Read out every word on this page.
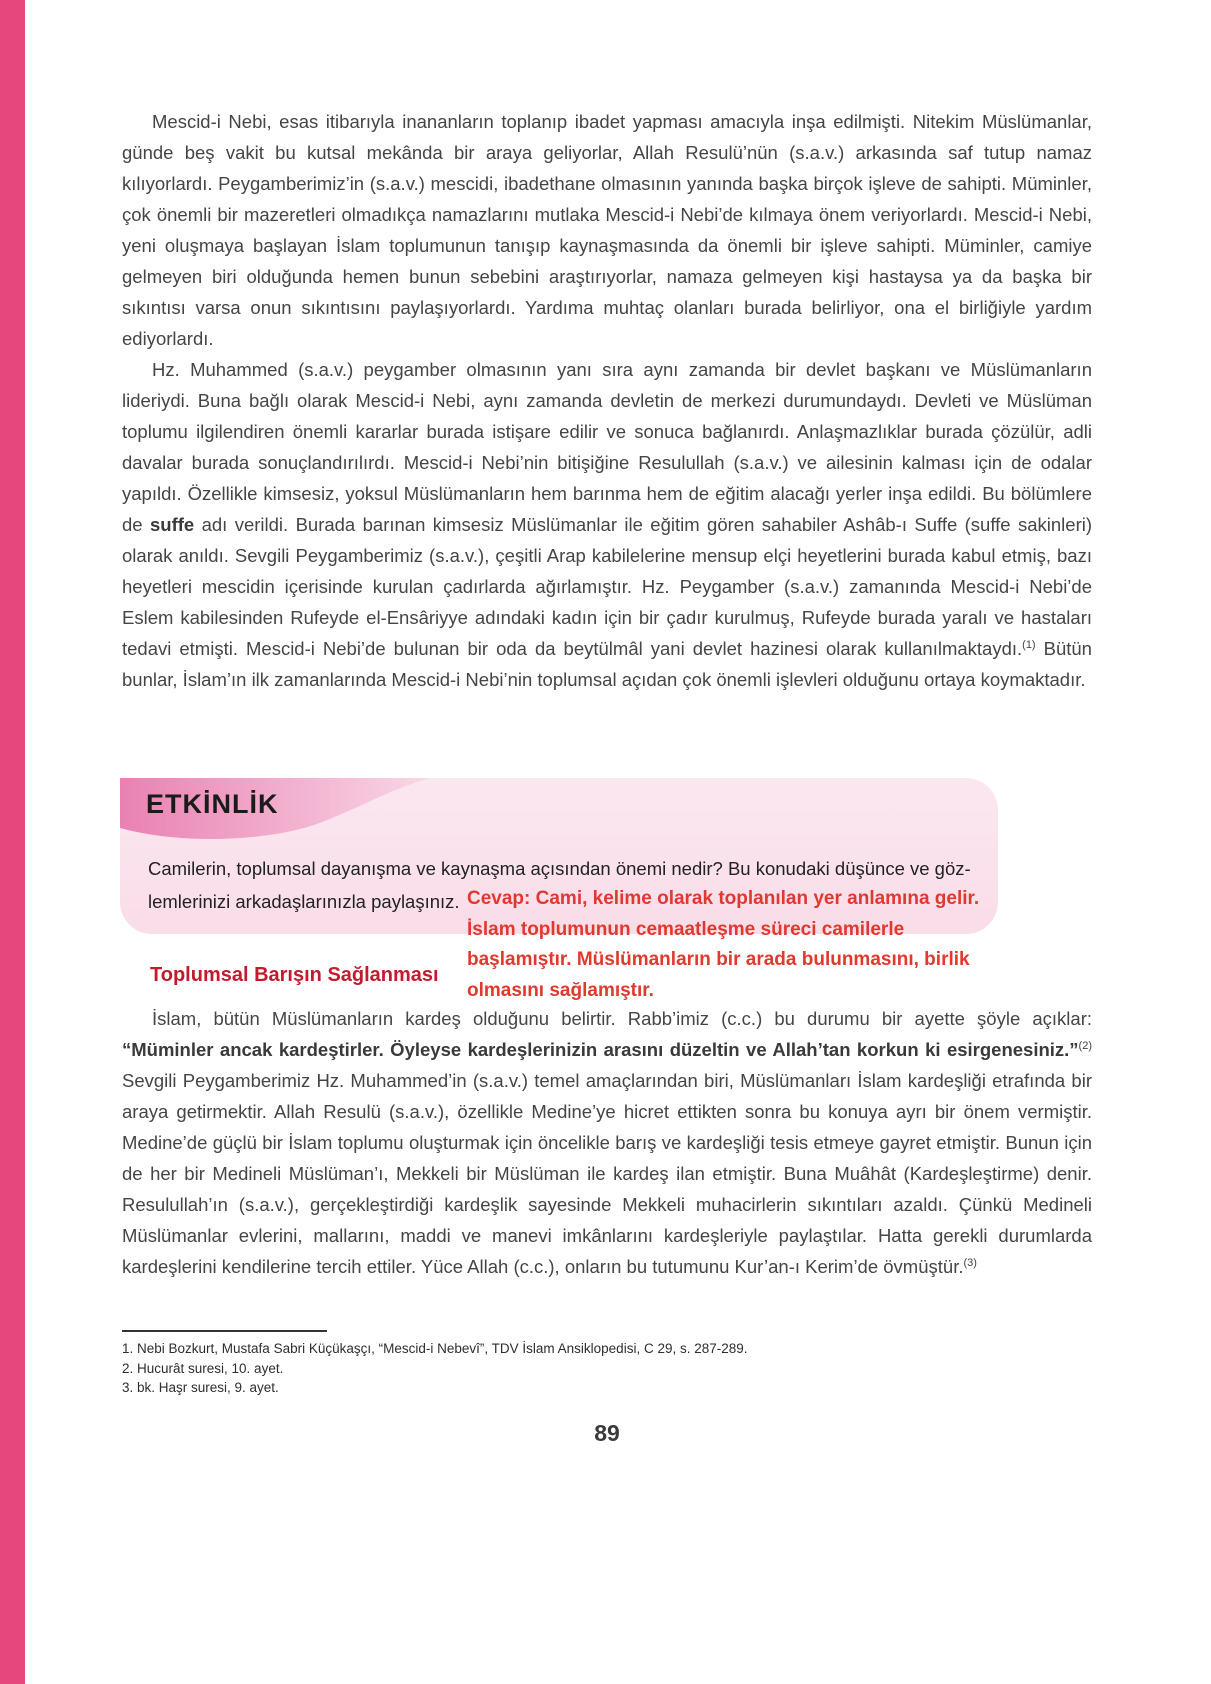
Mescid-i Nebi, esas itibarıyla inananların toplanıp ibadet yapması amacıyla inşa edilmişti. Nitekim Müslümanlar, günde beş vakit bu kutsal mekânda bir araya geliyorlar, Allah Resulü’nün (s.a.v.) arkasında saf tutup namaz kılıyorlardı. Peygamberimiz’in (s.a.v.) mescidi, ibadethane olmasının yanında başka birçok işleve de sahipti. Müminler, çok önemli bir mazeretleri olmadıkça namazlarını mutlaka Mescid-i Nebi’de kılmaya önem veriyorlardı. Mescid-i Nebi, yeni oluşmaya başlayan İslam toplumunun tanışıp kaynaşmasında da önemli bir işleve sahipti. Müminler, camiye gelmeyen biri olduğunda hemen bunun sebebini araştırıyorlar, namaza gelmeyen kişi hastaysa ya da başka bir sıkıntısı varsa onun sıkıntısını paylaşıyorlardı. Yardıma muhtaç olanları burada belirliyor, ona el birliğiyle yardım ediyorlardı.

Hz. Muhammed (s.a.v.) peygamber olmasının yanı sıra aynı zamanda bir devlet başkanı ve Müslümanların lideriydi. Buna bağlı olarak Mescid-i Nebi, aynı zamanda devletin de merkezi durumundaydı. Devleti ve Müslüman toplumu ilgilendiren önemli kararlar burada istişare edilir ve sonuca bağlanırdı. Anlaşmazlıklar burada çözülür, adli davalar burada sonuçlandırılırdı. Mescid-i Nebi’nin bitişiğine Resulullah (s.a.v.) ve ailesinin kalması için de odalar yapıldı. Özellikle kimsesiz, yoksul Müslümanların hem barınma hem de eğitim alacağı yerler inşa edildi. Bu bölümlere de suffe adı verildi. Burada barınan kimsesiz Müslümanlar ile eğitim gören sahabiler Ashâb-ı Suffe (suffe sakinleri) olarak anıldı. Sevgili Peygamberimiz (s.a.v.), çeşitli Arap kabilelerine mensup elçi heyetlerini burada kabul etmiş, bazı heyetleri mescidin içerisinde kurulan çadırlarda ağırlamıştır. Hz. Peygamber (s.a.v.) zamanında Mescid-i Nebi’de Eslem kabilesinden Rufeyde el-Ensâriyye adındaki kadın için bir çadır kurulmuş, Rufeyde burada yaralı ve hastaları tedavi etmişti. Mescid-i Nebi’de bulunan bir oda da beytülmâl yani devlet hazinesi olarak kullanılmaktaydı.$^{(1)}$ Bütün bunlar, İslam’ın ilk zamanlarında Mescid-i Nebi’nin toplumsal açıdan çok önemli işlevleri olduğunu ortaya koymaktadır.

ETKİNLİK
Camilerin, toplumsal dayanışma ve kaynaşma açısından önemi nedir? Bu konudaki düşünce ve göz-
lemlerinizi arkadaşlarınızla paylaşınız. Cevap: Cami, kelime olarak toplanılan yer anlamına gelir. İslam toplumunun cemaatleşme süreci camilerle başlamıştır. Müslümanların bir arada bulunmasını, birlik olmasını sağlamıştır.
Toplumsal Barışın Sağlanması

İslam, bütün Müslümanların kardeş olduğunu belirtir. Rabb’imiz (c.c.) bu durumu bir ayette şöyle açıklar: “Müminler ancak kardeştirler. Öyleyse kardeşlerinizin arasını düzeltin ve Allah’tan korkun ki esirgenesiniz.”$^{(2)}$ Sevgili Peygamberimiz Hz. Muhammed’in (s.a.v.) temel amaçlarından biri, Müslümanları İslam kardeşliği etrafında bir araya getirmektir. Allah Resulü (s.a.v.), özellikle Medine’ye hicret ettikten sonra bu konuya ayrı bir önem vermiştir. Medine’de güçlü bir İslam toplumu oluşturmak için öncelikle barış ve kardeşliği tesis etmeye gayret etmiştir. Bunun için de her bir Medineli Müslüman’ı, Mekkeli bir Müslüman ile kardeş ilan etmiştir. Buna Muâhât (Kardeşleştirme) denir. Resulullah’ın (s.a.v.), gerçekleştirdiği kardeşlik sayesinde Mekkeli muhacirlerin sıkıntıları azaldı. Çünkü Medineli Müslümanlar evlerini, mallarını, maddi ve manevi imkânlarını kardeşleriyle paylaştılar. Hatta gerekli durumlarda kardeşlerini kendilerine tercih ettiler. Yüce Allah (c.c.), onların bu tutumunu Kur’an-ı Kerim’de övmüştür.$^{(3)}$

1. Nebi Bozkurt, Mustafa Sabri Küçükaşçı, “Mescid-i Nebevî”, TDV İslam Ansiklopedisi, C 29, s. 287-289.
2. Hucurât suresi, 10. ayet.
3. bk. Haşr suresi, 9. ayet.
89
